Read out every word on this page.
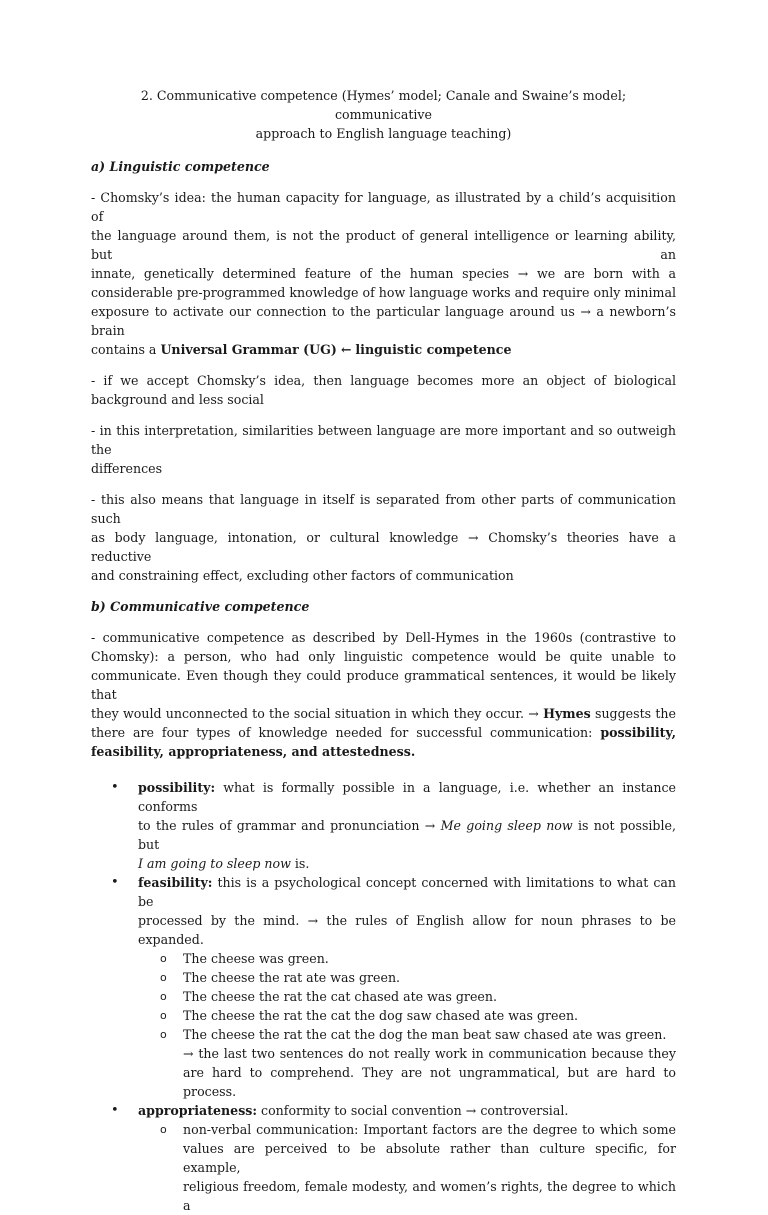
2. Communicative competence (Hymes’ model; Canale and Swaine’s model; communicative
approach to English language teaching)
a) Linguistic competence
- Chomsky’s idea: the human capacity for language, as illustrated by a child’s acquisition of
the language around them, is not the product of general intelligence or learning ability, but an
innate, genetically determined feature of the human species → we are born with a
considerable pre-programmed knowledge of how language works and require only minimal
exposure to activate our connection to the particular language around us → a newborn’s brain
contains a Universal Grammar (UG) ← linguistic competence
- if we accept Chomsky’s idea, then language becomes more an object of biological
background and less social
- in this interpretation, similarities between language are more important and so outweigh the
differences
- this also means that language in itself is separated from other parts of communication such
as body language, intonation, or cultural knowledge → Chomsky’s theories have a reductive
and constraining effect, excluding other factors of communication
b) Communicative competence
- communicative competence as described by Dell-Hymes in the 1960s (contrastive to
Chomsky): a person, who had only linguistic competence would be quite unable to
communicate. Even though they could produce grammatical sentences, it would be likely that
they would unconnected to the social situation in which they occur. → Hymes suggests the
there are four types of knowledge needed for successful communication: possibility,
feasibility, appropriateness, and attestedness.
• possibility: what is formally possible in a language, i.e. whether an instance conforms
to the rules of grammar and pronunciation → Me going sleep now is not possible, but
I am going to sleep now is.
• feasibility: this is a psychological concept concerned with limitations to what can be
processed by the mind. → the rules of English allow for noun phrases to be expanded.
o The cheese was green.
o The cheese the rat ate was green.
o The cheese the rat the cat chased ate was green.
o The cheese the rat the cat the dog saw chased ate was green.
o The cheese the rat the cat the dog the man beat saw chased ate was green.
→ the last two sentences do not really work in communication because they
are hard to comprehend. They are not ungrammatical, but are hard to process.
• appropriateness: conformity to social convention → controversial.
o non-verbal communication: Important factors are the degree to which some
values are perceived to be absolute rather than culture specific, for example,
religious freedom, female modesty, and women’s rights, the degree to which a
